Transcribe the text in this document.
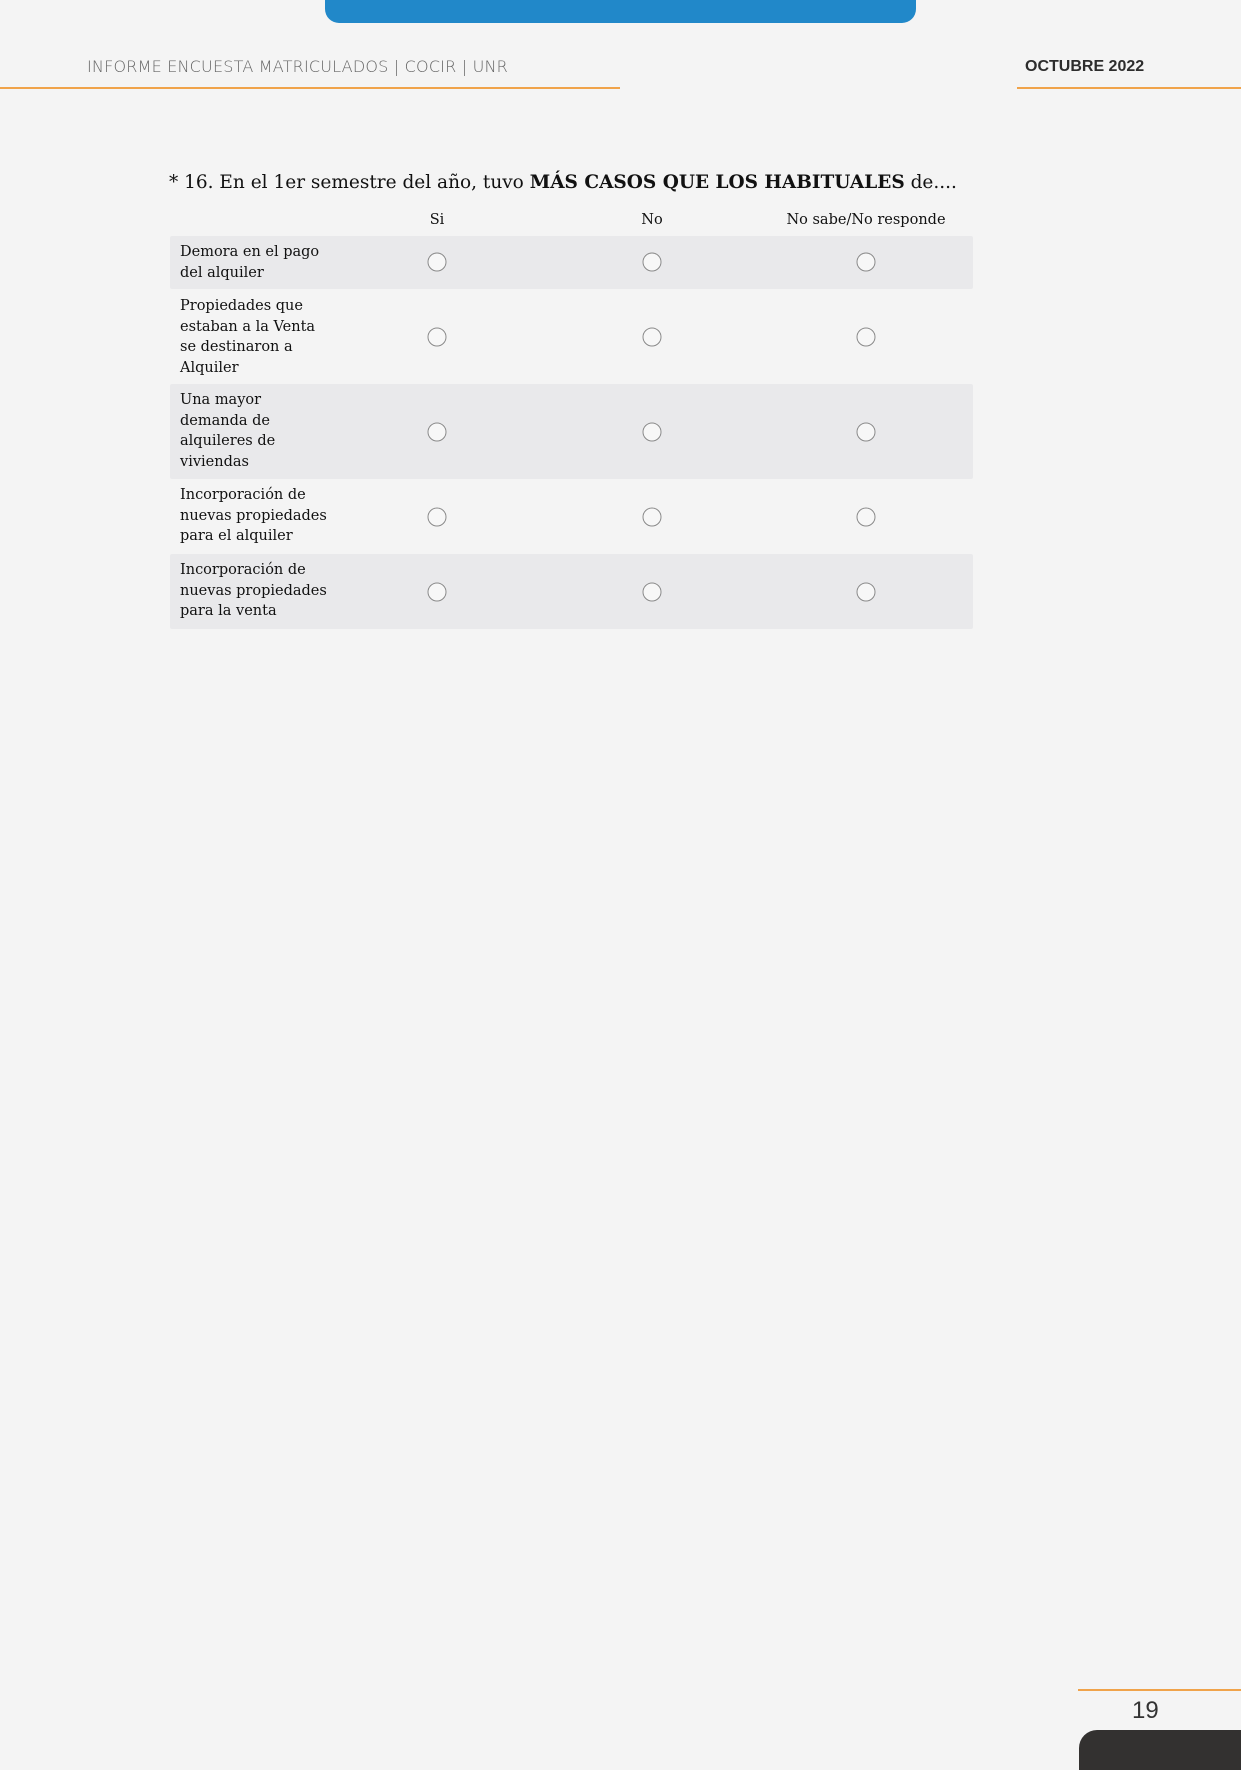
INFORME ENCUESTA MATRICULADOS | COCIR | UNR	OCTUBRE 2022
* 16. En el 1er semestre del año, tuvo MÁS CASOS QUE LOS HABITUALES de....
Si	No	No sabe/No responde
Demora en el pago del alquiler
Propiedades que estaban a la Venta se destinaron a Alquiler
Una mayor demanda de alquileres de viviendas
Incorporación de nuevas propiedades para el alquiler
Incorporación de nuevas propiedades para la venta
19
